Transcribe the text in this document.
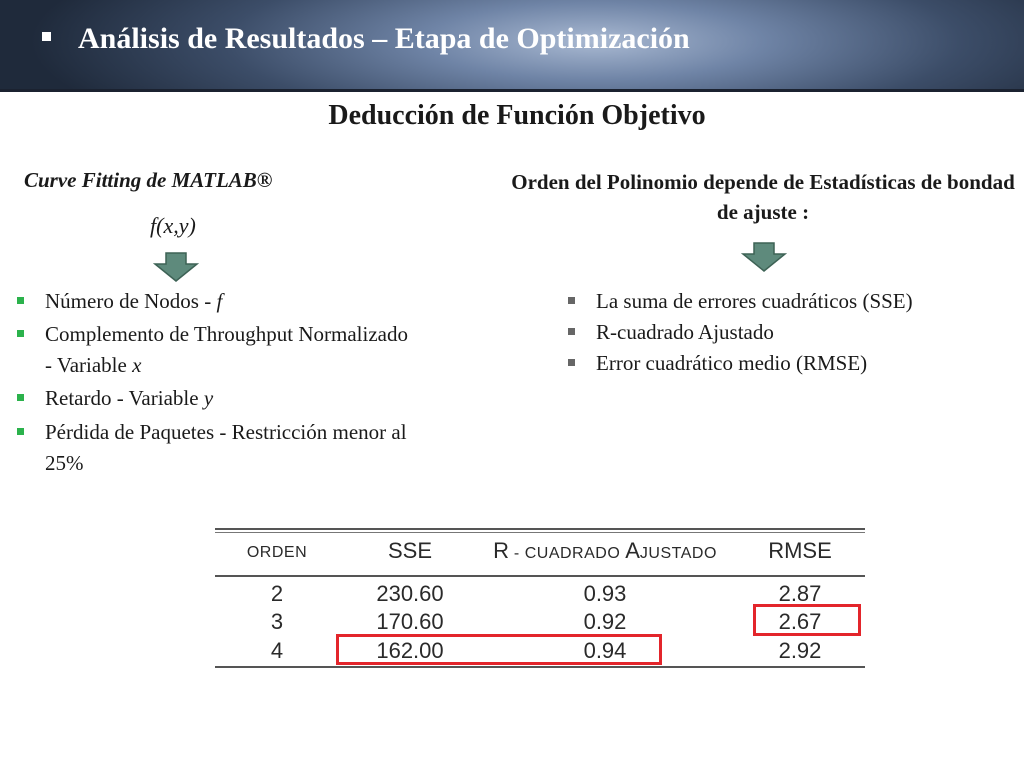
Análisis de Resultados – Etapa de Optimización
Deducción de Función Objetivo
Curve Fitting de MATLAB®
f(x,y)
Orden del Polinomio depende de Estadísticas de bondad de ajuste :
Número de Nodos - f
Complemento de Throughput Normalizado - Variable x
Retardo - Variable y
Pérdida de Paquetes - Restricción menor al 25%
La suma de errores cuadráticos (SSE)
R-cuadrado Ajustado
Error cuadrático medio (RMSE)
ORDEN	SSE	R - CUADRADO AJUSTADO	RMSE
2	230.60	0.93	2.87
3	170.60	0.92	2.67
4	162.00	0.94	2.92
